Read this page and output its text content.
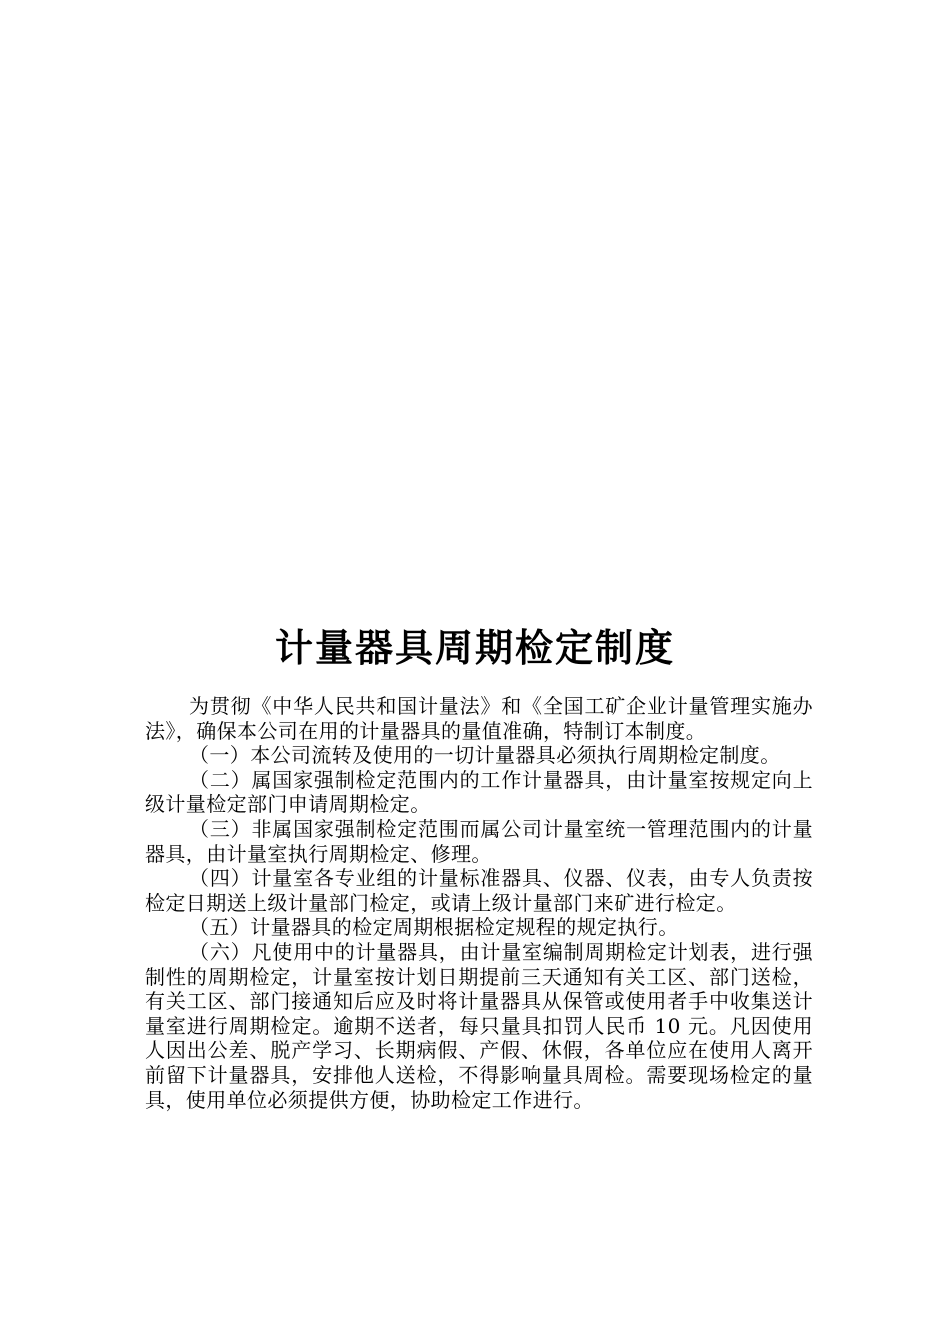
计量器具周期检定制度

为贯彻《中华人民共和国计量法》和《全国工矿企业计量管理实施办法》，确保本公司在用的计量器具的量值准确，特制订本制度。

（一）本公司流转及使用的一切计量器具必须执行周期检定制度。

（二）属国家强制检定范围内的工作计量器具，由计量室按规定向上级计量检定部门申请周期检定。

（三）非属国家强制检定范围而属公司计量室统一管理范围内的计量器具，由计量室执行周期检定、修理。

（四）计量室各专业组的计量标准器具、仪器、仪表，由专人负责按检定日期送上级计量部门检定，或请上级计量部门来矿进行检定。

（五）计量器具的检定周期根据检定规程的规定执行。

（六）凡使用中的计量器具，由计量室编制周期检定计划表，进行强制性的周期检定，计量室按计划日期提前三天通知有关工区、部门送检，有关工区、部门接通知后应及时将计量器具从保管或使用者手中收集送计量室进行周期检定。逾期不送者，每只量具扣罚人民币 10 元。凡因使用人因出公差、脱产学习、长期病假、产假、休假，各单位应在使用人离开前留下计量器具，安排他人送检，不得影响量具周检。需要现场检定的量具，使用单位必须提供方便，协助检定工作进行。
